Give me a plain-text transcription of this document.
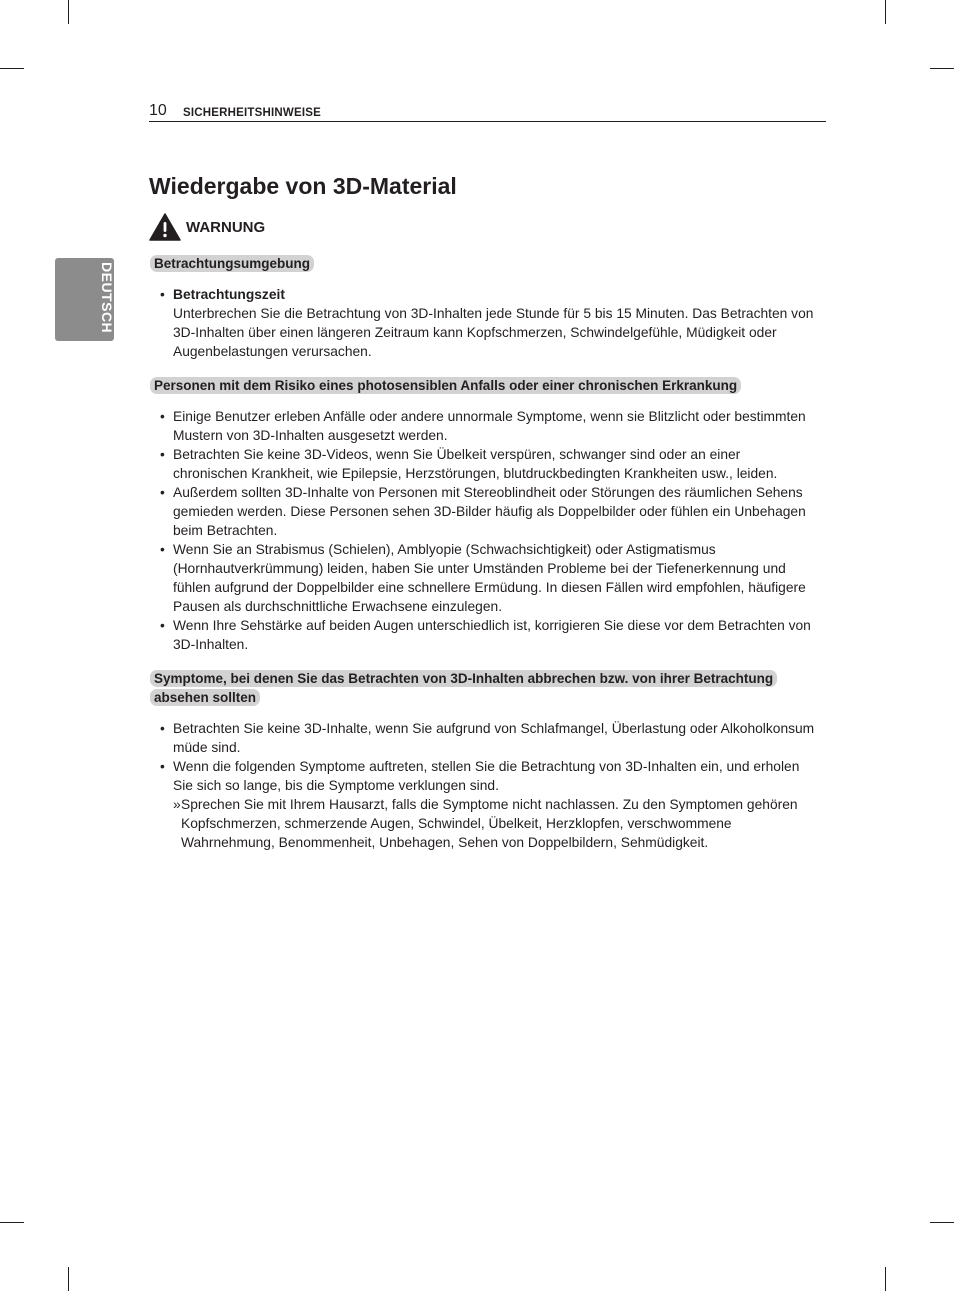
10 SICHERHEITSHINWEISE
DEUTSCH
Wiedergabe von 3D-Material
WARNUNG
Betrachtungsumgebung
• Betrachtungszeit
Unterbrechen Sie die Betrachtung von 3D-Inhalten jede Stunde für 5 bis 15 Minuten. Das Betrachten von 3D-Inhalten über einen längeren Zeitraum kann Kopfschmerzen, Schwindelgefühle, Müdigkeit oder Augenbelastungen verursachen.
Personen mit dem Risiko eines photosensiblen Anfalls oder einer chronischen Erkrankung
• Einige Benutzer erleben Anfälle oder andere unnormale Symptome, wenn sie Blitzlicht oder bestimmten Mustern von 3D-Inhalten ausgesetzt werden.
• Betrachten Sie keine 3D-Videos, wenn Sie Übelkeit verspüren, schwanger sind oder an einer chronischen Krankheit, wie Epilepsie, Herzstörungen, blutdruckbedingten Krankheiten usw., leiden.
• Außerdem sollten 3D-Inhalte von Personen mit Stereoblindheit oder Störungen des räumlichen Sehens gemieden werden. Diese Personen sehen 3D-Bilder häufig als Doppelbilder oder fühlen ein Unbehagen beim Betrachten.
• Wenn Sie an Strabismus (Schielen), Amblyopie (Schwachsichtigkeit) oder Astigmatismus (Hornhautverkrümmung) leiden, haben Sie unter Umständen Probleme bei der Tiefenerkennung und fühlen aufgrund der Doppelbilder eine schnellere Ermüdung. In diesen Fällen wird empfohlen, häufigere Pausen als durchschnittliche Erwachsene einzulegen.
• Wenn Ihre Sehstärke auf beiden Augen unterschiedlich ist, korrigieren Sie diese vor dem Betrachten von 3D-Inhalten.
Symptome, bei denen Sie das Betrachten von 3D-Inhalten abbrechen bzw. von ihrer Betrachtung absehen sollten
• Betrachten Sie keine 3D-Inhalte, wenn Sie aufgrund von Schlafmangel, Überlastung oder Alkoholkonsum müde sind.
• Wenn die folgenden Symptome auftreten, stellen Sie die Betrachtung von 3D-Inhalten ein, und erholen Sie sich so lange, bis die Symptome verklungen sind.
» Sprechen Sie mit Ihrem Hausarzt, falls die Symptome nicht nachlassen. Zu den Symptomen gehören Kopfschmerzen, schmerzende Augen, Schwindel, Übelkeit, Herzklopfen, verschwommene Wahrnehmung, Benommenheit, Unbehagen, Sehen von Doppelbildern, Sehmüdigkeit.
